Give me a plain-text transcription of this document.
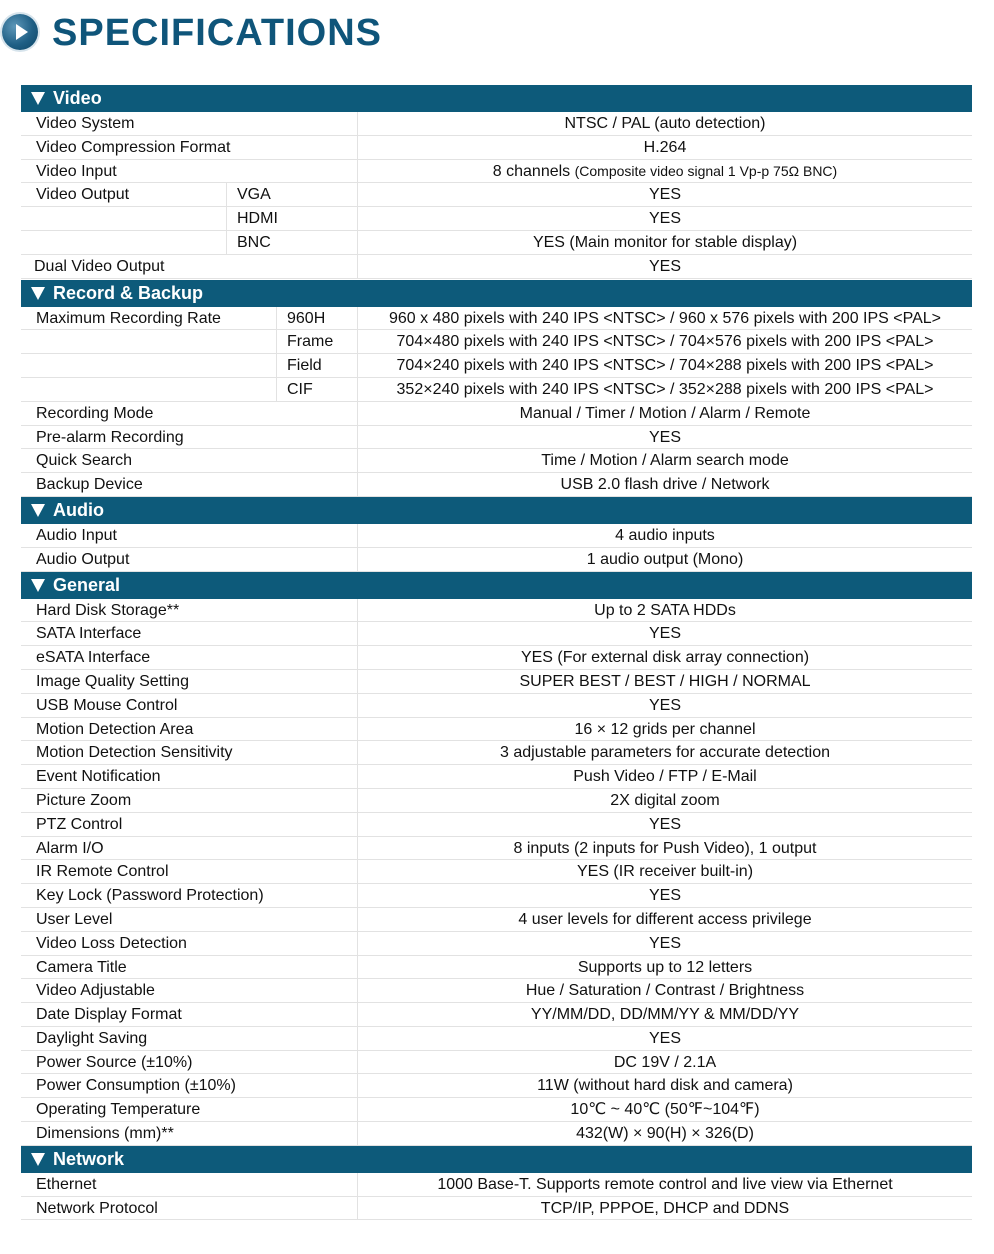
SPECIFICATIONS
Video
Video System	NTSC / PAL (auto detection)
Video Compression Format	H.264
Video Input	8 channels (Composite video signal 1 Vp-p 75Ω BNC)
Video Output	VGA	YES
HDMI	YES
BNC	YES (Main monitor for stable display)
Dual Video Output	YES
Record & Backup
Maximum Recording Rate	960H	960 x 480 pixels with 240 IPS <NTSC> / 960 x 576 pixels with 200 IPS <PAL>
Frame	704×480 pixels with 240 IPS <NTSC> / 704×576 pixels with 200 IPS <PAL>
Field	704×240 pixels with 240 IPS <NTSC> / 704×288 pixels with 200 IPS <PAL>
CIF	352×240 pixels with 240 IPS <NTSC> / 352×288 pixels with 200 IPS <PAL>
Recording Mode	Manual / Timer / Motion / Alarm / Remote
Pre-alarm Recording	YES
Quick Search	Time / Motion / Alarm search mode
Backup Device	USB 2.0 flash drive / Network
Audio
Audio Input	4 audio inputs
Audio Output	1 audio output (Mono)
General
Hard Disk Storage**	Up to 2 SATA HDDs
SATA Interface	YES
eSATA Interface	YES (For external disk array connection)
Image Quality Setting	SUPER BEST / BEST / HIGH / NORMAL
USB Mouse Control	YES
Motion Detection Area	16 × 12 grids per channel
Motion Detection Sensitivity	3 adjustable parameters for accurate detection
Event Notification	Push Video / FTP / E-Mail
Picture Zoom	2X digital zoom
PTZ Control	YES
Alarm I/O	8 inputs (2 inputs for Push Video), 1 output
IR Remote Control	YES (IR receiver built-in)
Key Lock (Password Protection)	YES
User Level	4 user levels for different access privilege
Video Loss Detection	YES
Camera Title	Supports up to 12 letters
Video Adjustable	Hue / Saturation / Contrast / Brightness
Date Display Format	YY/MM/DD, DD/MM/YY & MM/DD/YY
Daylight Saving	YES
Power Source (±10%)	DC 19V / 2.1A
Power Consumption (±10%)	11W (without hard disk and camera)
Operating Temperature	10℃ ~ 40℃ (50℉~104℉)
Dimensions (mm)**	432(W) × 90(H) × 326(D)
Network
Ethernet	1000 Base-T. Supports remote control and live view via Ethernet
Network Protocol	TCP/IP, PPPOE, DHCP and DDNS
